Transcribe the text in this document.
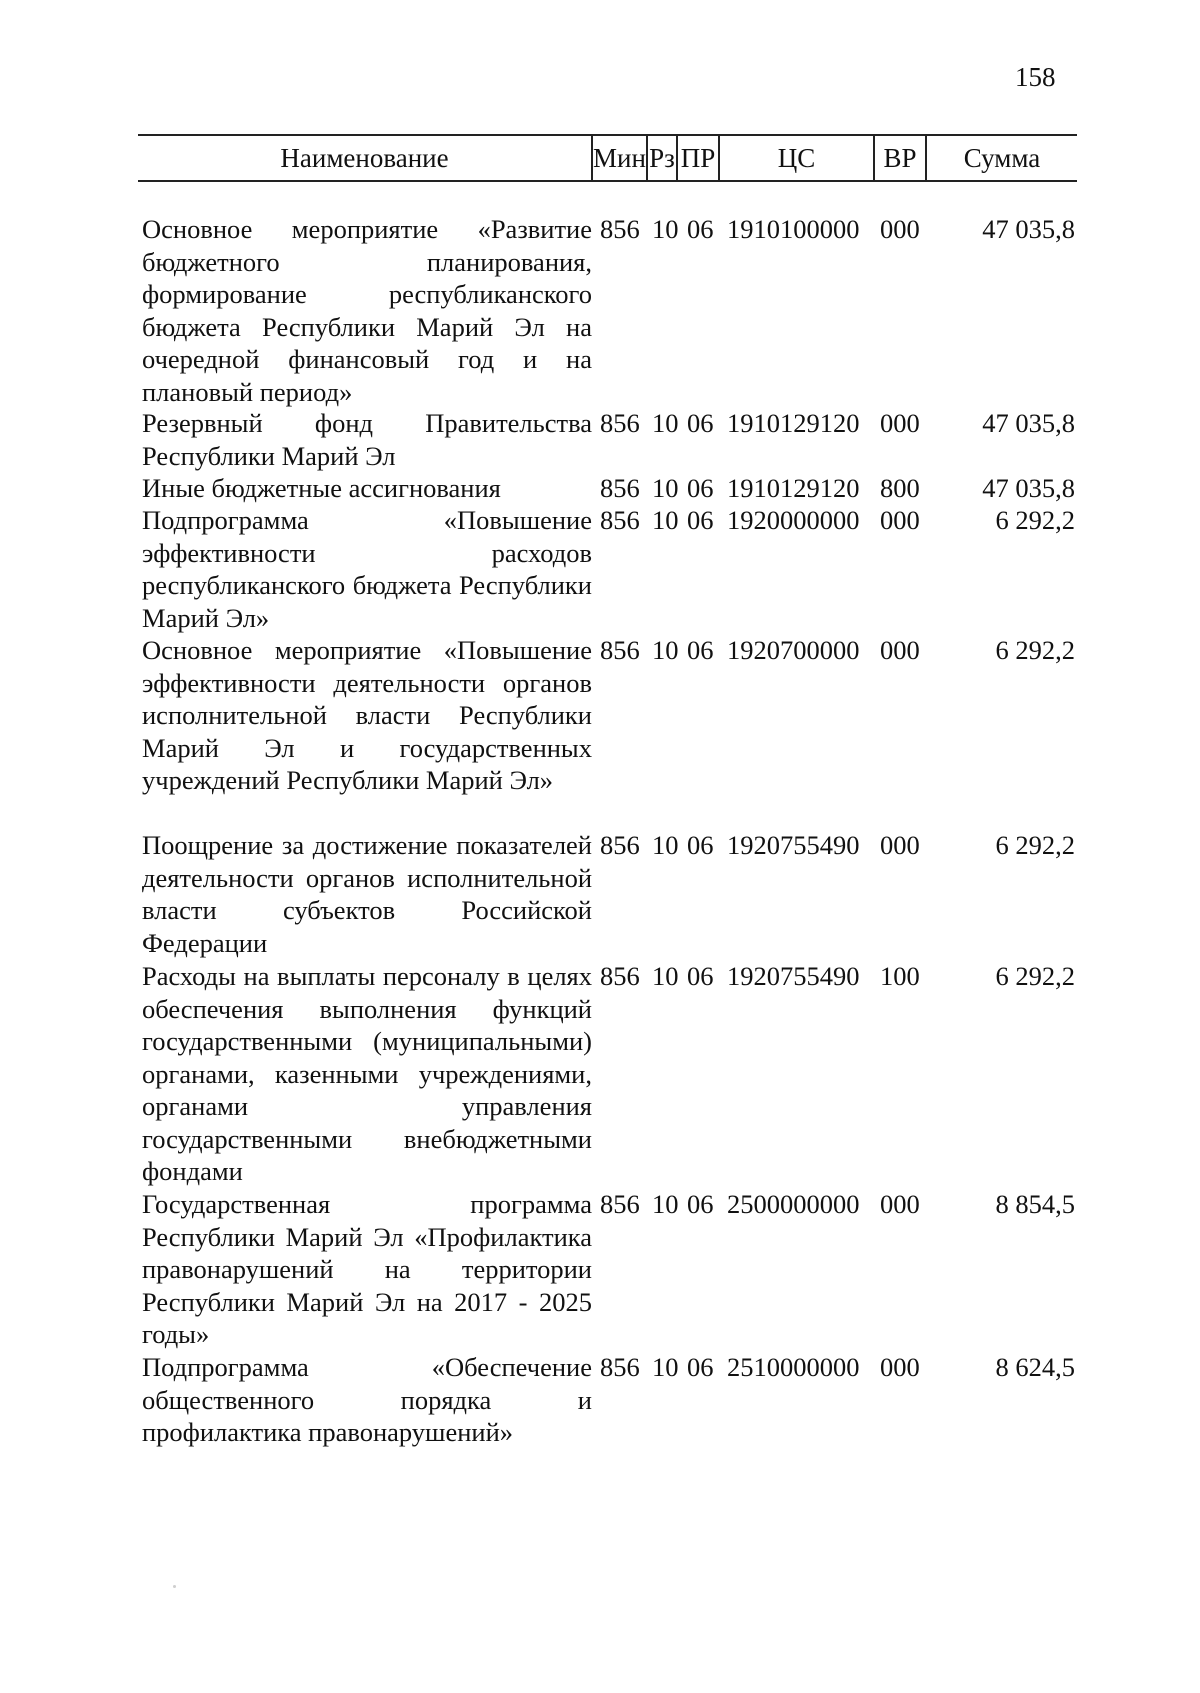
158
Наименование	Мин Рз ПР	ЦС	ВР	Сумма
Основное мероприятие «Развитие бюджетного планирования, формирование республиканского бюджета Республики Марий Эл на очередной финансовый год и на плановый период»
856 10 06 1910100000 000 47 035,8
Резервный фонд Правительства Республики Марий Эл
856 10 06 1910129120 000 47 035,8
Иные бюджетные ассигнования	856 10 06 1910129120 800 47 035,8
Подпрограмма «Повышение эффективности расходов республиканского бюджета Республики Марий Эл»
856 10 06 1920000000 000	6 292,2
Основное мероприятие «Повышение эффективности деятельности органов исполнительной власти Республики Марий Эл и государственных учреждений Республики Марий Эл»
856 10 06 1920700000 000	6 292,2
Поощрение за достижение показателей деятельности органов исполнительной власти субъектов Российской Федерации
856 10 06 1920755490 000	6 292,2
Расходы на выплаты персоналу в целях обеспечения выполнения функций государственными (муниципальными) органами, казенными учреждениями, органами управления государственными внебюджетными фондами
856 10 06 1920755490 100	6 292,2
Государственная программа Республики Марий Эл «Профилактика правонарушений на территории Республики Марий Эл на 2017 - 2025 годы»
856 10 06 2500000000 000	8 854,5
Подпрограмма «Обеспечение общественного порядка и профилактика правонарушений»
856 10 06 2510000000 000	8 624,5
